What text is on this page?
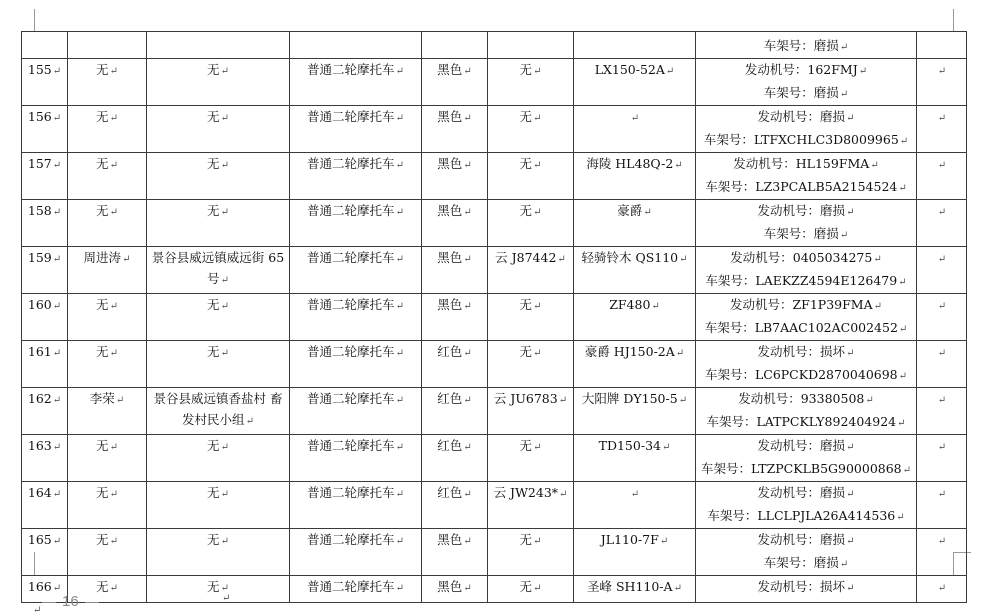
							车架号：磨损↵	
155↵	无↵	无↵	普通二轮摩托车↵	黑色↵	无↵	LX150-52A↵	发动机号：162FMJ↵
车架号：磨损↵	↵
156↵	无↵	无↵	普通二轮摩托车↵	黑色↵	无↵	↵	发动机号：磨损↵
车架号：LTFXCHLC3D8009965↵	↵
157↵	无↵	无↵	普通二轮摩托车↵	黑色↵	无↵	海陵 HL48Q-2↵	发动机号：HL159FMA↵
车架号：LZ3PCALB5A2154524↵	↵
158↵	无↵	无↵	普通二轮摩托车↵	黑色↵	无↵	豪爵↵	发动机号：磨损↵
车架号：磨损↵	↵
159↵	周进涛↵	景谷县威远镇威远街 65 号↵	普通二轮摩托车↵	黑色↵	云 J87442↵	轻骑铃木 QS110↵	发动机号：0405034275↵
车架号：LAEKZZ4594E126479↵	↵
160↵	无↵	无↵	普通二轮摩托车↵	黑色↵	无↵	ZF480↵	发动机号：ZF1P39FMA↵
车架号：LB7AAC102AC002452↵	↵
161↵	无↵	无↵	普通二轮摩托车↵	红色↵	无↵	豪爵 HJ150-2A↵	发动机号：损坏↵
车架号：LC6PCKD2870040698↵	↵
162↵	李荣↵	景谷县威远镇香盐村 畜发村民小组↵	普通二轮摩托车↵	红色↵	云 JU6783↵	大阳牌 DY150-5↵	发动机号：93380508↵
车架号：LATPCKLY892404924↵	↵
163↵	无↵	无↵	普通二轮摩托车↵	红色↵	无↵	TD150-34↵	发动机号：磨损↵
车架号：LTZPCKLB5G90000868↵	↵
164↵	无↵	无↵	普通二轮摩托车↵	红色↵	云 JW243*↵	↵	发动机号：磨损↵
车架号：LLCLPJLA26A414536↵	↵
165↵	无↵	无↵	普通二轮摩托车↵	黑色↵	无↵	JL110-7F↵	发动机号：磨损↵
车架号：磨损↵	↵
166↵	无↵	无↵	普通二轮摩托车↵	黑色↵	无↵	圣峰 SH110-A↵	发动机号：损坏↵	↵
16	↵
↵
